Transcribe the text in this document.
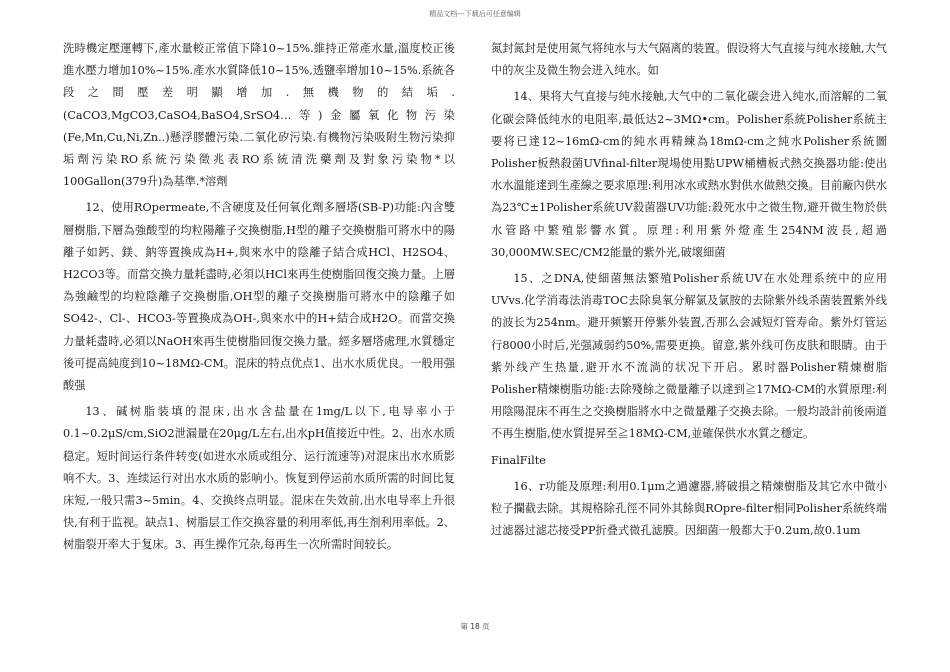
精品文档---下载后可任意编辑

洗時機定壓運轉下,產水量較正常值下降10~15%.維持正常產水量,溫度校正後進水壓力增加10%~15%.產水水質降低10~15%,透鹽率增加10~15%.系統各段之間壓差明顯增加.無機物的結垢.(CaCO3,MgCO3,CaSO4,BaSO4,SrSO4…等)金屬氧化物污染(Fe,Mn,Cu,Ni,Zn..)懸浮膠體污染.二氧化矽污染.有機物污染吸附生物污染抑垢劑污染RO系統污染徵兆表RO系統清洗藥劑及對象污染物*以100Gallon(379升)為基準.*溶劑

12、使用ROpermeate,不含硬度及任何氧化劑多層塔(SB-P)功能:內含雙層樹脂,下層為強酸型的均粒陽離子交換樹脂,H型的離子交換樹脂可將水中的陽離子如鈣、鎂、鈉等置換成為H+,與來水中的陰離子結合成HCl、H2SO4、H2CO3等。而當交換力量耗盡時,必須以HCl來再生使樹脂回復交換力量。上層為強鹼型的均粒陰離子交換樹脂,OH型的離子交換樹脂可將水中的陰離子如SO42-、Cl-、HCO3-等置換成為OH-,與來水中的H+結合成H2O。而當交換力量耗盡時,必須以NaOH來再生使樹脂回復交換力量。經多層塔處理,水質穩定後可提高純度到10~18MΩ-CM。混床的特点优点1、出水水质优良。一般用强酸强

13、碱树脂装填的混床,出水含盐量在1mg/L以下,电导率小于0.1~0.2μS/cm,SiO2泄漏量在20μg/L左右,出水pH值接近中性。2、出水水质稳定。短时间运行条件转变(如进水水质或组分、运行流速等)对混床出水水质影响不大。3、连续运行对出水水质的影响小。恢复到停运前水质所需的时间比复床短,一般只需3~5min。4、交换终点明显。混床在失效前,出水电导率上升很快,有利于监视。缺点1、树脂层工作交换容量的利用率低,再生剂利用率低。2、树脂裂开率大于复床。3、再生操作冗杂,每再生一次所需时间较长。

氮封氮封是使用氮气将纯水与大气隔离的装置。假设将大气直接与纯水接触,大气中的灰尘及微生物会进入纯水。如

14、果将大气直接与纯水接触,大气中的二氧化碳会进入纯水,而溶解的二氧化碳会降低纯水的电阻率,最低达2~3MΩ•cm。Polisher系統Polisher系統主要将已達12~16mΩ-cm的純水再精練為18mΩ-cm之純水Polisher系統圖Polisher板熱殺菌UVfinal-filter現場使用點UPW桶槽板式熱交換器功能:使出水水溫能達到生產線之要求原理:利用冰水或熱水對供水做熱交換。目前廠內供水為23℃±1Polisher系統UV殺菌器UV功能:殺死水中之微生物,避开微生物於供水管路中繁殖影響水質。原理:利用紫外燈產生254NM波長,超過30,000MW.SEC/CM2能量的紫外光,破壞細菌

15、之DNA,使細菌無法繁殖Polisher系統UV在水处理系统中的应用UVvs.化学消毒法消毒TOC去除臭氧分解氯及氯胺的去除紫外线杀菌装置紫外线的波长为254nm。避开频繁开停紫外装置,否那么会减短灯管寿命。紫外灯管运行8000小时后,光强减弱约50%,需要更换。留意,紫外线可伤皮肤和眼睛。由于紫外线产生热量,避开水不流淌的状况下开启。累时器Polisher精煉樹脂Polisher精煉樹脂功能:去除殘餘之微量離子以達到≧17MΩ-CM的水質原理:利用陰陽混床不再生之交換樹脂將水中之微量離子交換去除。一般均設計前後兩道不再生樹脂,使水質提昇至≧18MΩ-CM,並確保供水水質之穩定。

FinalFilte

16、r功能及原理:利用0.1μm之過濾器,將破損之精煉樹脂及其它水中微小粒子攔截去除。其規格除孔徑不同外其餘與ROpre-filter相同Polisher系統终端过滤器过滤芯接受PP折叠式微孔滤膜。因細菌一般都大于0.2um,故0.1um

第 18 页
